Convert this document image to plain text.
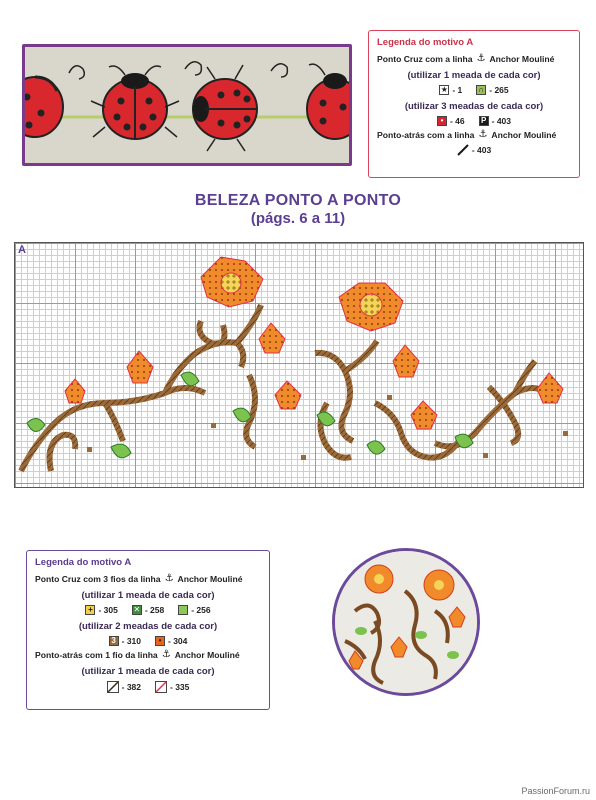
Legenda do motivo A
Ponto Cruz com a linha ⚓ Anchor Mouliné
(utilizar 1 meada de cada cor)
★ - 1 ∩ - 265
(utilizar 3 meadas de cada cor)
• - 46 P - 403
Ponto-atrás com a linha ⚓ Anchor Mouliné
- 403
BELEZA PONTO A PONTO
(págs. 6 a 11)
A
Legenda do motivo A
Ponto Cruz com 3 fios da linha ⚓ Anchor Mouliné
(utilizar 1 meada de cada cor)
+ - 305 ✕ - 258	- 256
(utilizar 2 meadas de cada cor)
3 - 310	• - 304
Ponto-atrás com 1 fio da linha ⚓ Anchor Mouliné
(utilizar 1 meada de cada cor)
- 382	- 335
PassionForum.ru
